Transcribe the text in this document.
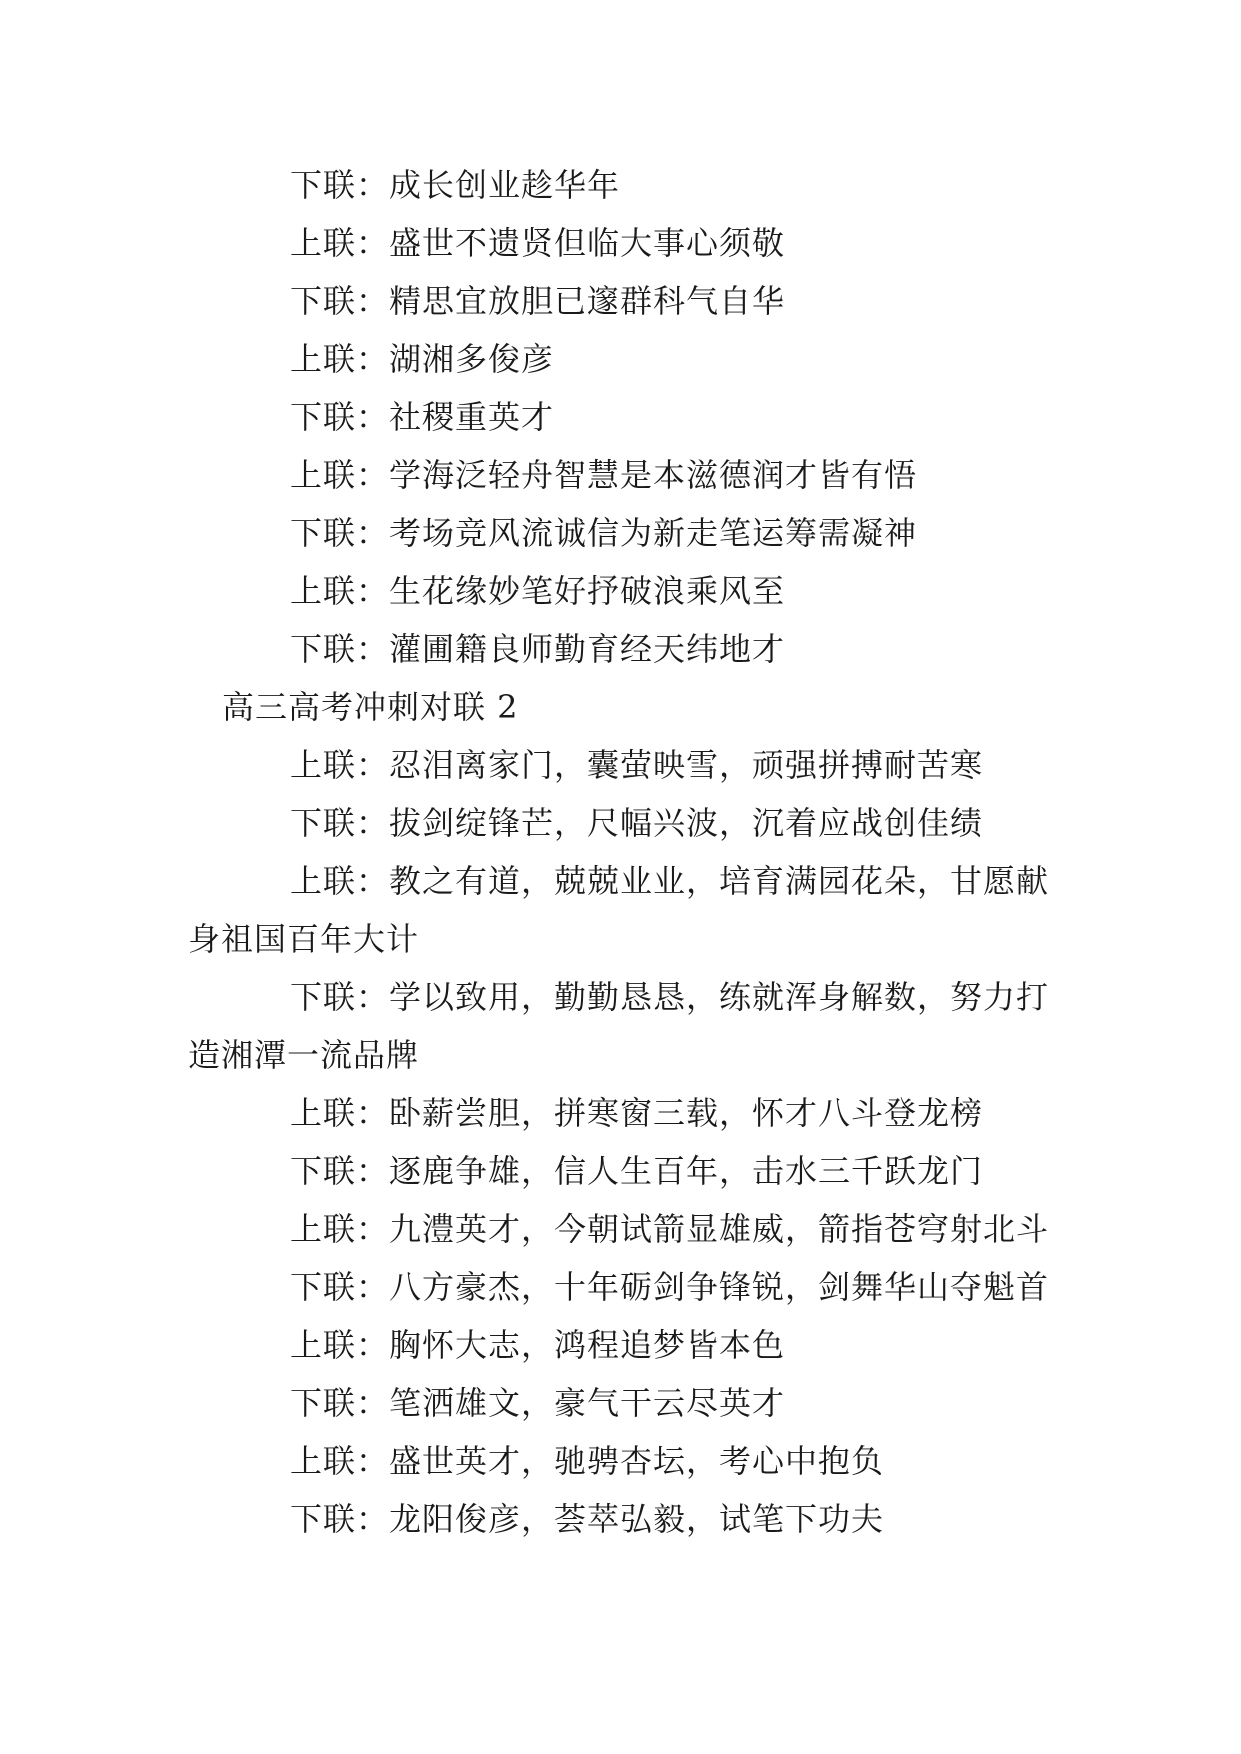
下联：成长创业趁华年
上联：盛世不遗贤但临大事心须敬
下联：精思宜放胆已邃群科气自华
上联：湖湘多俊彦
下联：社稷重英才
上联：学海泛轻舟智慧是本滋德润才皆有悟
下联：考场竞风流诚信为新走笔运筹需凝神
上联：生花缘妙笔好抒破浪乘风至
下联：灌圃籍良师勤育经天纬地才
高三高考冲刺对联 2
上联：忍泪离家门，囊萤映雪，顽强拼搏耐苦寒
下联：拔剑绽锋芒，尺幅兴波，沉着应战创佳绩
上联：教之有道，兢兢业业，培育满园花朵，甘愿献
身祖国百年大计
下联：学以致用，勤勤恳恳，练就浑身解数，努力打
造湘潭一流品牌
上联：卧薪尝胆，拼寒窗三载，怀才八斗登龙榜
下联：逐鹿争雄，信人生百年，击水三千跃龙门
上联：九澧英才，今朝试箭显雄威，箭指苍穹射北斗
下联：八方豪杰，十年砺剑争锋锐，剑舞华山夺魁首
上联：胸怀大志，鸿程追梦皆本色
下联：笔洒雄文，豪气干云尽英才
上联：盛世英才，驰骋杏坛，考心中抱负
下联：龙阳俊彦，荟萃弘毅，试笔下功夫
